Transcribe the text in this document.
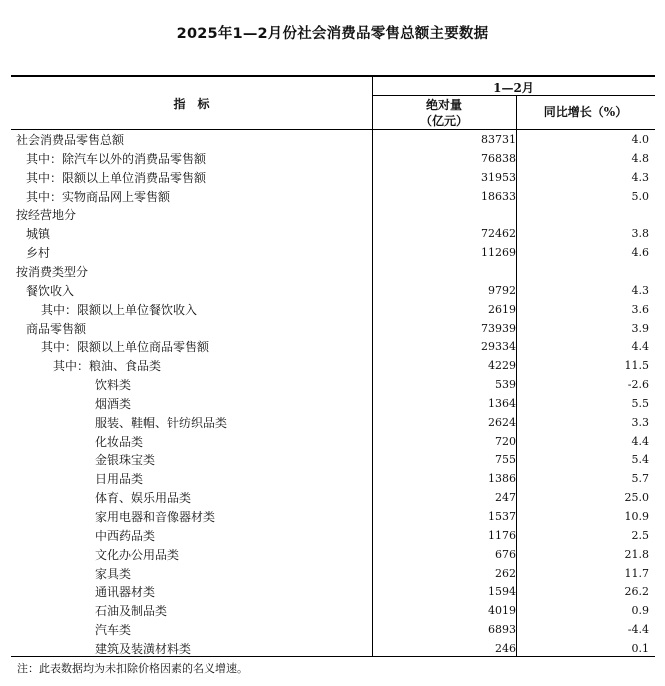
2025年1—2月份社会消费品零售总额主要数据
指　标
1—2月
绝对量
（亿元）
同比增长（%）
社会消费品零售总额	83731	4.0
其中：除汽车以外的消费品零售额	76838	4.8
其中：限额以上单位消费品零售额	31953	4.3
其中：实物商品网上零售额	18633	5.0
按经营地分
城镇	72462	3.8
乡村	11269	4.6
按消费类型分
餐饮收入	9792	4.3
其中：限额以上单位餐饮收入	2619	3.6
商品零售额	73939	3.9
其中：限额以上单位商品零售额	29334	4.4
其中：粮油、食品类	4229	11.5
饮料类	539	-2.6
烟酒类	1364	5.5
服装、鞋帽、针纺织品类	2624	3.3
化妆品类	720	4.4
金银珠宝类	755	5.4
日用品类	1386	5.7
体育、娱乐用品类	247	25.0
家用电器和音像器材类	1537	10.9
中西药品类	1176	2.5
文化办公用品类	676	21.8
家具类	262	11.7
通讯器材类	1594	26.2
石油及制品类	4019	0.9
汽车类	6893	-4.4
建筑及装潢材料类	246	0.1
注：此表数据均为未扣除价格因素的名义增速。
